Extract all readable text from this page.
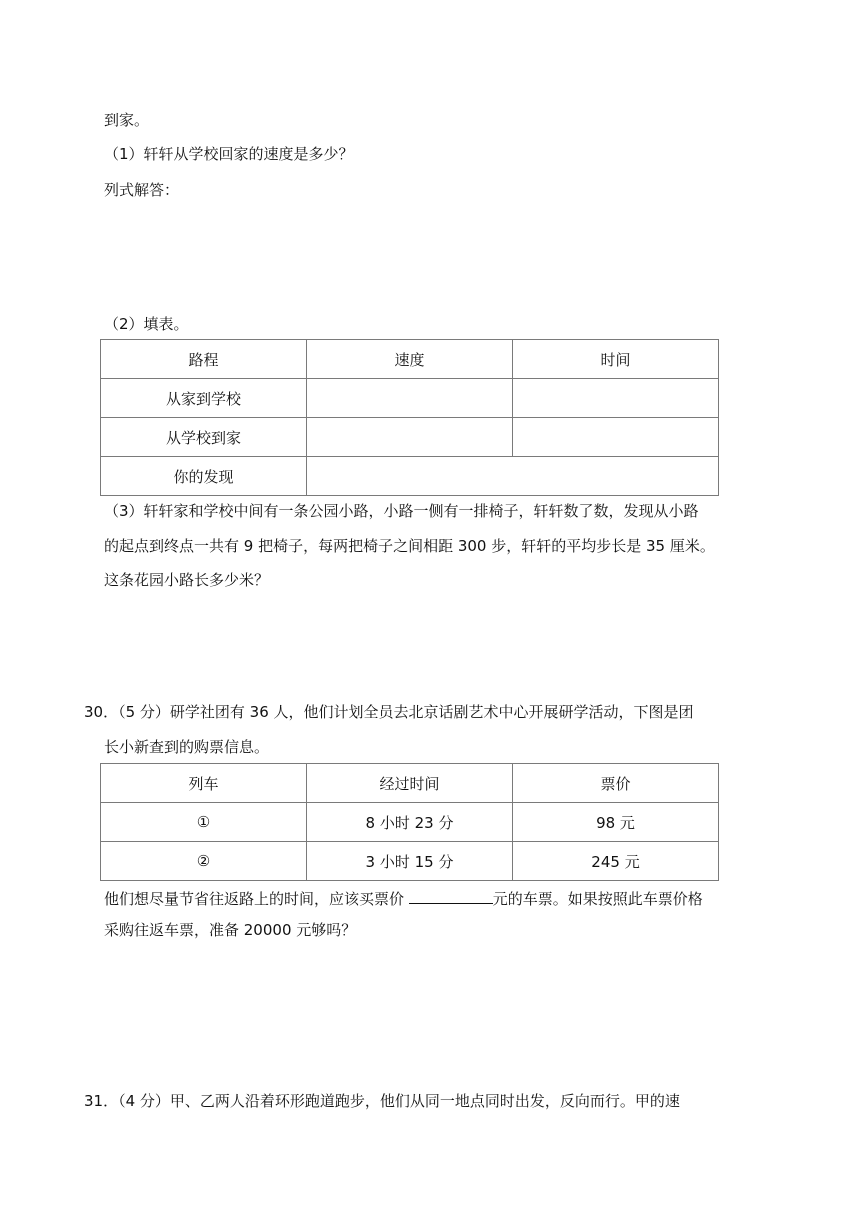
到家。
（1）轩轩从学校回家的速度是多少？
列式解答：
（2）填表。
路程	速度	时间
从家到学校		
从学校到家		
你的发现		
（3）轩轩家和学校中间有一条公园小路，小路一侧有一排椅子，轩轩数了数，发现从小路
的起点到终点一共有 9 把椅子，每两把椅子之间相距 300 步，轩轩的平均步长是 35 厘米。
这条花园小路长多少米？
30．（5 分）研学社团有 36 人，他们计划全员去北京话剧艺术中心开展研学活动，下图是团
长小新查到的购票信息。
列车	经过时间	票价
①	8 小时 23 分	98 元
②	3 小时 15 分	245 元
他们想尽量节省往返路上的时间，应该买票价	元的车票。如果按照此车票价格
采购往返车票，准备 20000 元够吗？
31．（4 分）甲、乙两人沿着环形跑道跑步，他们从同一地点同时出发，反向而行。甲的速
